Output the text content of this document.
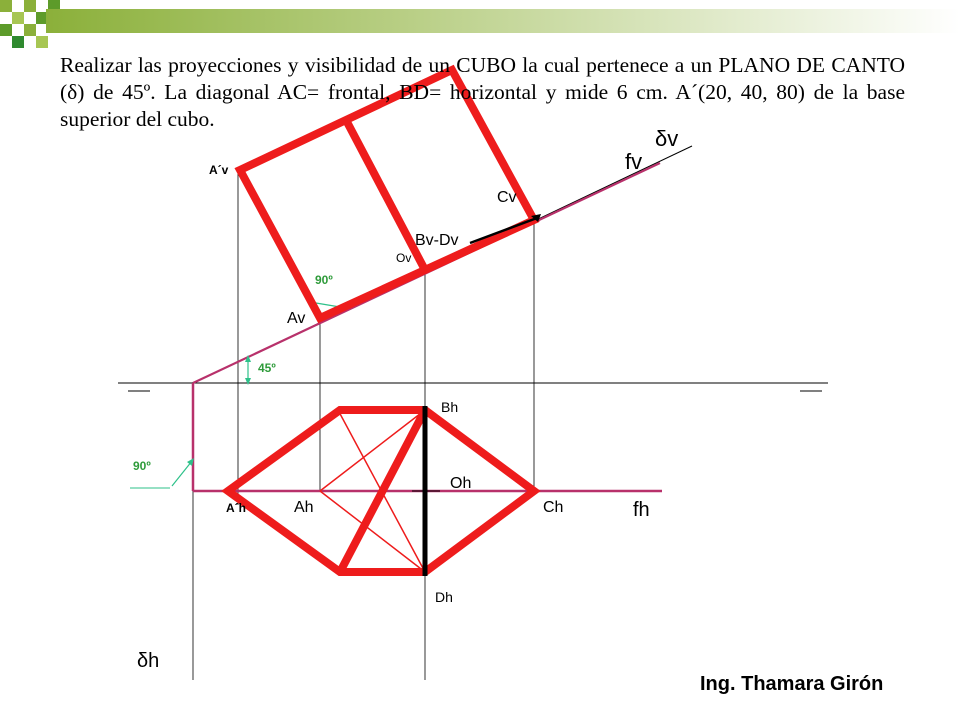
δv
fv
A´v
Cv
Bv-Dv
Ov
Av
90º
45º
90º
Bh
Oh
A´h	Ah	Ch	fh
Dh
δh
Realizar las proyecciones y visibilidad de un CUBO la cual pertenece a un PLANO DE CANTO (δ) de 45º. La diagonal AC= frontal, BD= horizontal y mide 6 cm. A´(20, 40, 80) de la base superior del cubo.
Ing. Thamara Girón
